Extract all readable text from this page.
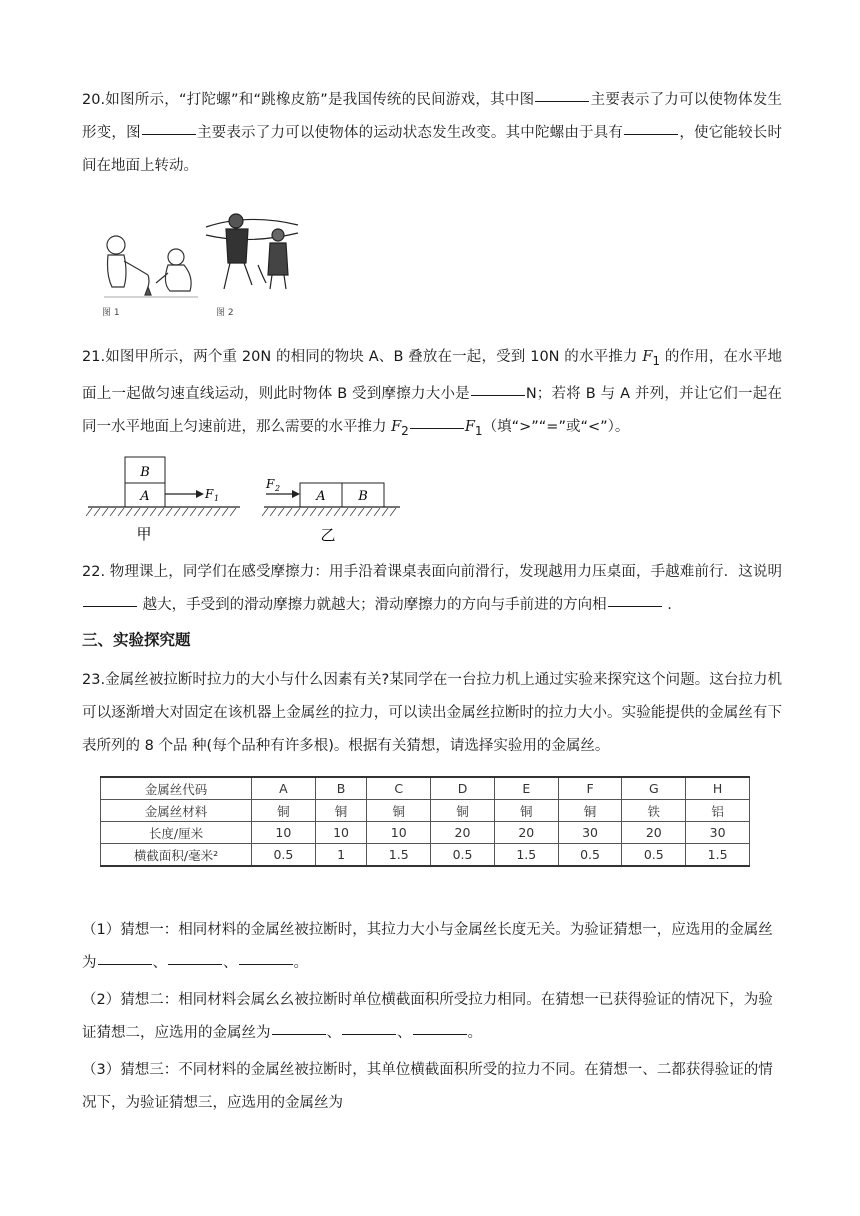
20.如图所示，“打陀螺”和“跳橡皮筋”是我国传统的民间游戏，其中图	主要表示了力可以使物体发生形变，图	主要表示了力可以使物体的运动状态发生改变。其中陀螺由于具有	，使它能较长时间在地面上转动。

图 1	图 2

21.如图甲所示，两个重 20N 的相同的物块 A、B 叠放在一起，受到 10N 的水平推力 $F_1$ 的作用，在水平地面上一起做匀速直线运动，则此时物体 B 受到摩擦力大小是	N；若将 B 与 A 并列，并让它们一起在同一水平地面上匀速前进，那么需要的水平推力 $F_2$	$F_1$（填“>”“=”或“<”）。

B
A	F 1
甲
F 2
A	B
乙

22. 物理课上，同学们在感受摩擦力：用手沿着课桌表面向前滑行，发现越用力压桌面，手越难前行．这说明 越大，手受到的滑动摩擦力就越大；滑动摩擦力的方向与手前进的方向相	.

三、实验探究题

23.金属丝被拉断时拉力的大小与什么因素有关?某同学在一台拉力机上通过实验来探究这个问题。这台拉力机可以逐渐增大对固定在该机器上金属丝的拉力，可以读出金属丝拉断时的拉力大小。实验能提供的金属丝有下表所列的 8 个品 种(每个品种有许多根)。根据有关猜想，请选择实验用的金属丝。

金属丝代码	A	B	C	D	E	F	G	H
金属丝材料	铜	铜	铜	铜	铜	铜	铁	铝
长度/厘米	10	10	10	20	20	30	20	30
横截面积/毫米²	0.5	1	1.5	0.5	1.5	0.5	0.5	1.5

（1）猜想一：相同材料的金属丝被拉断时，其拉力大小与金属丝长度无关。为验证猜想一，应选用的金属丝为	、	、	。

（2）猜想二：相同材料会属幺幺被拉断时单位横截面积所受拉力相同。在猜想一已获得验证的情况下，为验证猜想二，应选用的金属丝为	、	、	。

（3）猜想三：不同材料的金属丝被拉断时，其单位横截面积所受的拉力不同。在猜想一、二都获得验证的情况下，为验证猜想三，应选用的金属丝为
